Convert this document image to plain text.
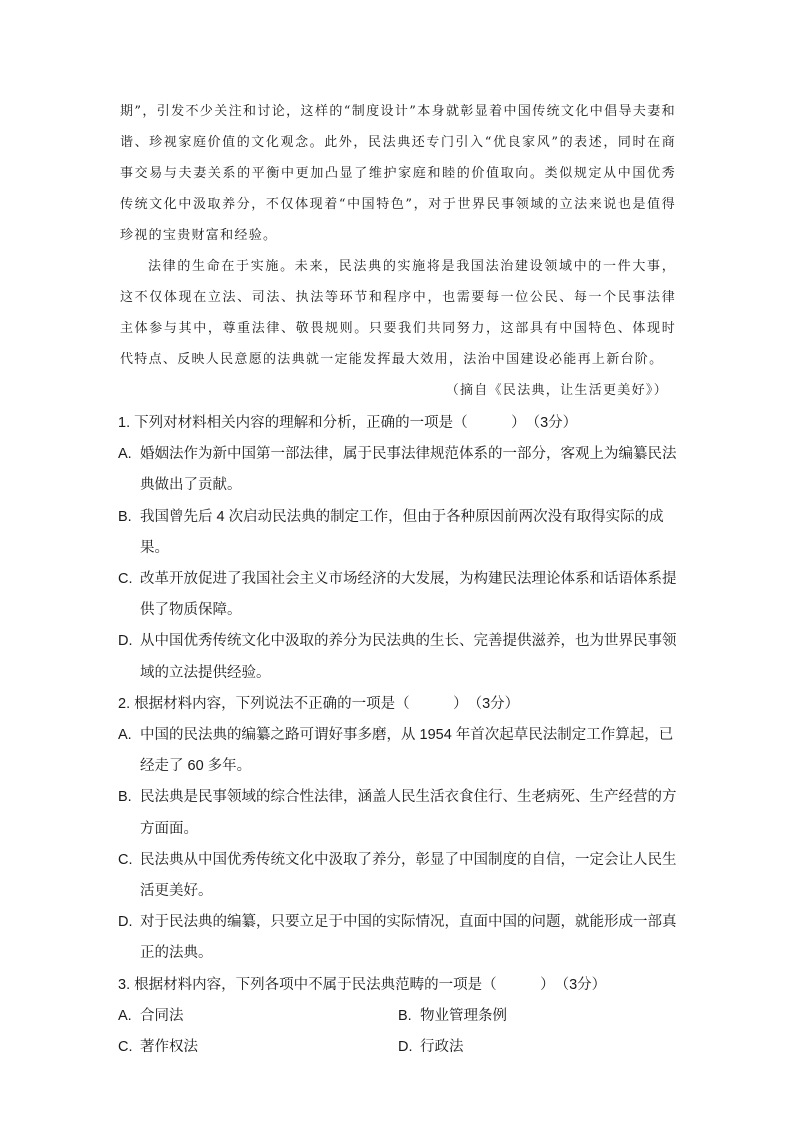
期”，引发不少关注和讨论，这样的“制度设计”本身就彰显着中国传统文化中倡导夫妻和谐、珍视家庭价值的文化观念。此外，民法典还专门引入“优良家风”的表述，同时在商事交易与夫妻关系的平衡中更加凸显了维护家庭和睦的价值取向。类似规定从中国优秀传统文化中汲取养分，不仅体现着“中国特色”，对于世界民事领域的立法来说也是值得珍视的宝贵财富和经验。

法律的生命在于实施。未来，民法典的实施将是我国法治建设领域中的一件大事，这不仅体现在立法、司法、执法等环节和程序中，也需要每一位公民、每一个民事法律主体参与其中，尊重法律、敬畏规则。只要我们共同努力，这部具有中国特色、体现时代特点、反映人民意愿的法典就一定能发挥最大效用，法治中国建设必能再上新台阶。

（摘自《民法典，让生活更美好》）

1. 下列对材料相关内容的理解和分析，正确的一项是（　　　）　（3分）

A. 婚姻法作为新中国第一部法律，属于民事法律规范体系的一部分，客观上为编纂民法典做出了贡献。

B. 我国曾先后 4 次启动民法典的制定工作，但由于各种原因前两次没有取得实际的成果。

C. 改革开放促进了我国社会主义市场经济的大发展，为构建民法理论体系和话语体系提供了物质保障。

D. 从中国优秀传统文化中汲取的养分为民法典的生长、完善提供滋养，也为世界民事领域的立法提供经验。

2. 根据材料内容，下列说法不正确的一项是（　　　）　（3分）

A. 中国的民法典的编纂之路可谓好事多磨，从 1954 年首次起草民法制定工作算起，已经走了 60 多年。

B. 民法典是民事领域的综合性法律，涵盖人民生活衣食住行、生老病死、生产经营的方方面面。

C. 民法典从中国优秀传统文化中汲取了养分，彰显了中国制度的自信，一定会让人民生活更美好。

D. 对于民法典的编纂，只要立足于中国的实际情况，直面中国的问题，就能形成一部真正的法典。

3. 根据材料内容，下列各项中不属于民法典范畴的一项是（　　　）　（3分）

A. 合同法	B. 物业管理条例
C. 著作权法	D. 行政法
